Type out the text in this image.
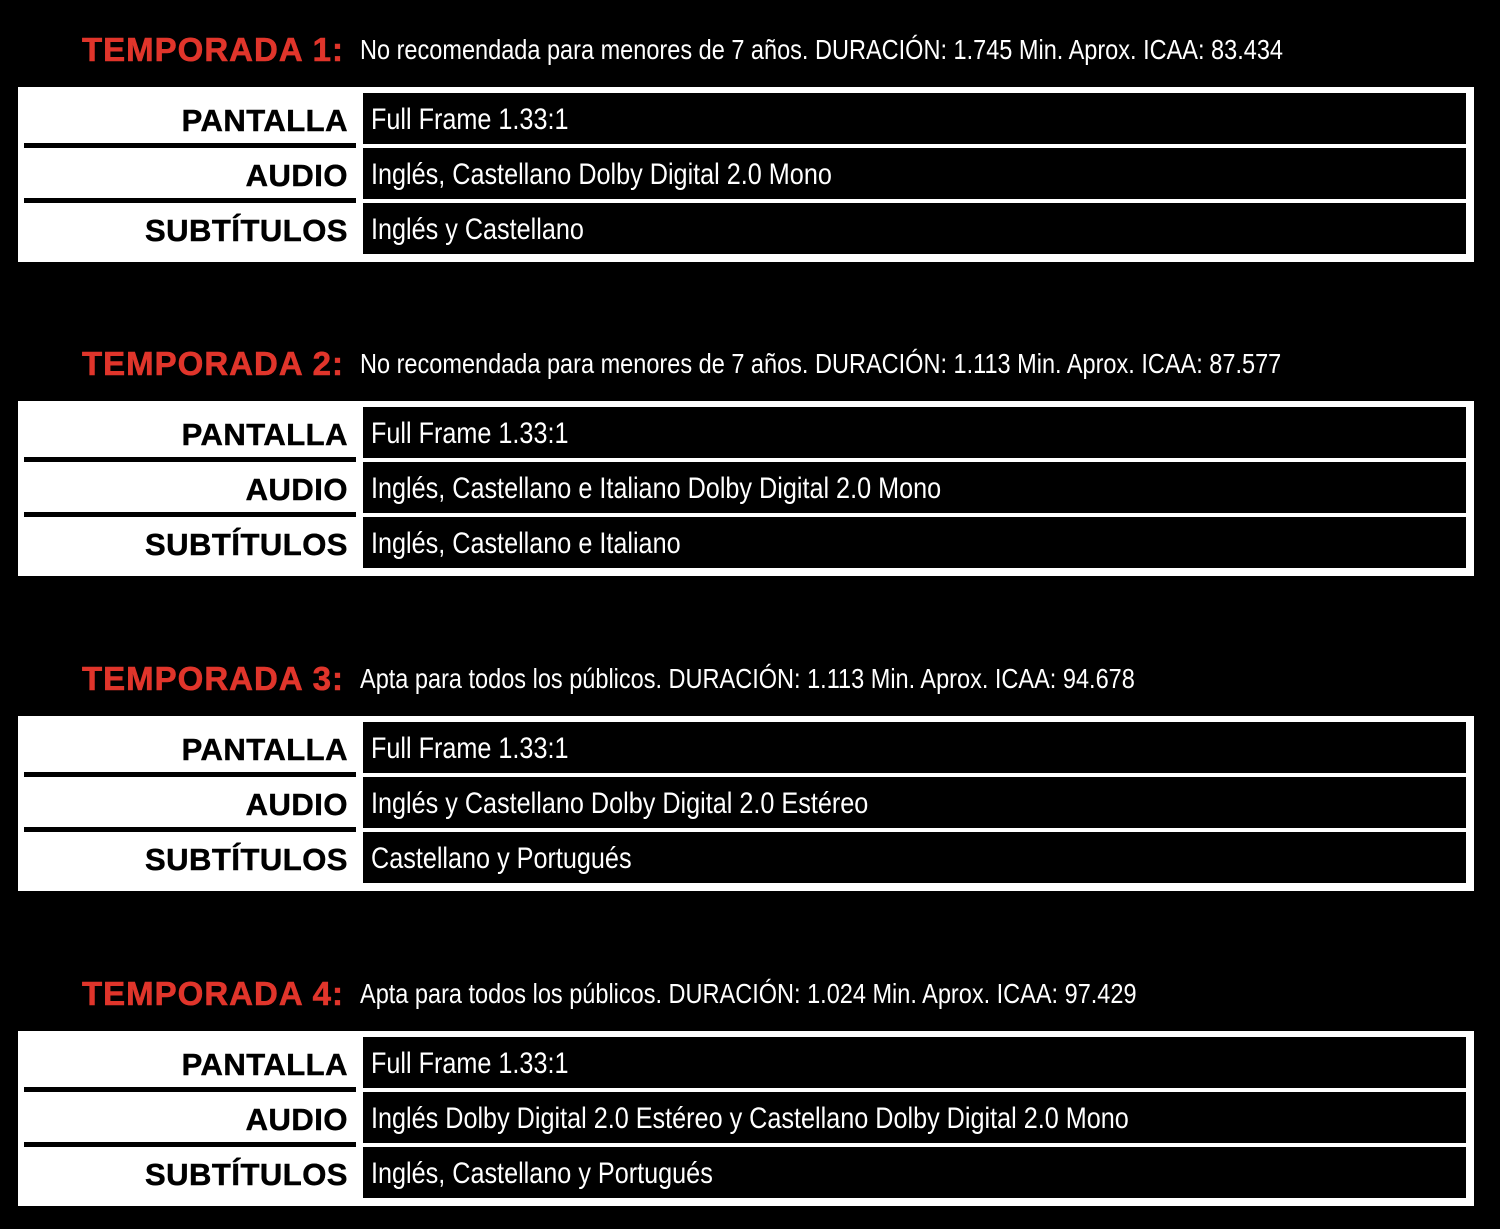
TEMPORADA 1: No recomendada para menores de 7 años. DURACIÓN: 1.745 Min. Aprox. ICAA: 83.434
PANTALLA Full Frame 1.33:1
AUDIO Inglés, Castellano Dolby Digital 2.0 Mono
SUBTÍTULOS Inglés y Castellano
TEMPORADA 2: No recomendada para menores de 7 años. DURACIÓN: 1.113 Min. Aprox. ICAA: 87.577
PANTALLA Full Frame 1.33:1
AUDIO Inglés, Castellano e Italiano Dolby Digital 2.0 Mono
SUBTÍTULOS Inglés, Castellano e Italiano
TEMPORADA 3: Apta para todos los públicos. DURACIÓN: 1.113 Min. Aprox. ICAA: 94.678
PANTALLA Full Frame 1.33:1
AUDIO Inglés y Castellano Dolby Digital 2.0 Estéreo
SUBTÍTULOS Castellano y Portugués
TEMPORADA 4: Apta para todos los públicos. DURACIÓN: 1.024 Min. Aprox. ICAA: 97.429
PANTALLA Full Frame 1.33:1
AUDIO Inglés Dolby Digital 2.0 Estéreo y Castellano Dolby Digital 2.0 Mono
SUBTÍTULOS Inglés, Castellano y Portugués
